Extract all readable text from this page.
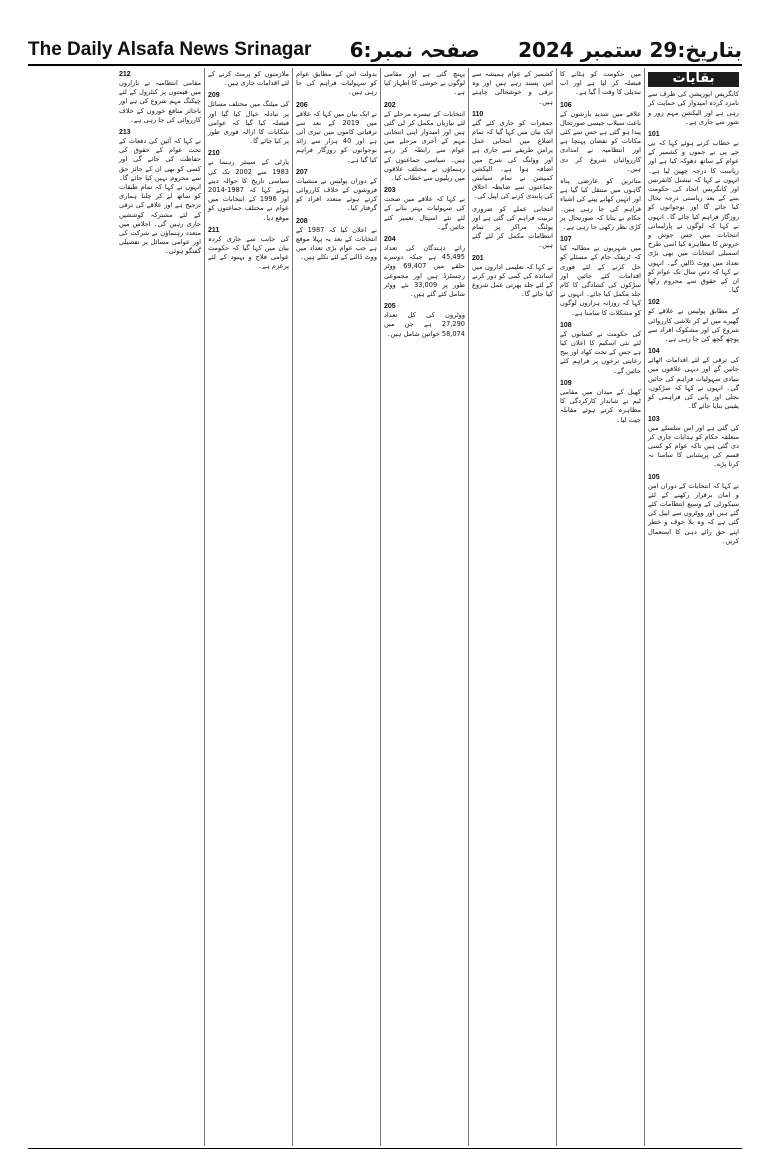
The Daily Alsafa News Srinagar صفحہ نمبر:6 بتاریخ:29 ستمبر 2024
بقایات
کانگریس اپوزیشن کی طرف سے نامزد کردہ امیدوار کی حمایت کر رہی ہے اور الیکشن مہم زور و شور سے جاری ہے۔
101
نے خطاب کرتے ہوئے کہا کہ بی جے پی نے جموں و کشمیر کے عوام کے ساتھ دھوکہ کیا ہے اور ریاست کا درجہ چھین لیا ہے۔ انہوں نے کہا کہ نیشنل کانفرنس اور کانگریس اتحاد کی حکومت بننے کے بعد ریاستی درجہ بحال کیا جائے گا اور نوجوانوں کو روزگار فراہم کیا جائے گا۔ انہوں نے کہا کہ لوگوں نے پارلیمانی انتخابات میں جس جوش و خروش کا مظاہرہ کیا اسی طرح اسمبلی انتخابات میں بھی بڑی تعداد میں ووٹ ڈالیں گے۔ انہوں نے کہا کہ دس سال تک عوام کو ان کے حقوق سے محروم رکھا گیا۔
102
کے مطابق پولیس نے علاقے کو گھیرے میں لے کر تلاشی کارروائی شروع کی اور مشکوک افراد سے پوچھ گچھ کی جا رہی ہے۔
104
کی ترقی کے لئے اقدامات اٹھائے جائیں گے اور دیہی علاقوں میں بنیادی سہولیات فراہم کی جائیں گی۔ انہوں نے کہا کہ سڑکوں، بجلی اور پانی کی فراہمی کو یقینی بنایا جائے گا۔
103
کی گئی ہے اور اس سلسلے میں متعلقہ حکام کو ہدایات جاری کر دی گئی ہیں تاکہ عوام کو کسی قسم کی پریشانی کا سامنا نہ کرنا پڑے۔
105
نے کہا کہ انتخابات کے دوران امن و امان برقرار رکھنے کے لئے سیکورٹی کے وسیع انتظامات کئے گئے ہیں اور ووٹروں سے اپیل کی گئی ہے کہ وہ بلا خوف و خطر اپنے حق رائے دہی کا استعمال کریں۔
میں حکومت کو ہٹانے کا فیصلہ کر لیا ہے اور اب تبدیلی کا وقت آ گیا ہے۔
106
علاقے میں شدید بارشوں کے باعث سیلاب جیسی صورتحال پیدا ہو گئی ہے جس سے کئی مکانات کو نقصان پہنچا ہے اور انتظامیہ نے امدادی کارروائیاں شروع کر دی ہیں۔
متاثرین کو عارضی پناہ گاہوں میں منتقل کیا گیا ہے اور انہیں کھانے پینے کی اشیاء فراہم کی جا رہی ہیں۔ حکام نے بتایا کہ صورتحال پر کڑی نظر رکھی جا رہی ہے۔
107
میں شہریوں نے مطالبہ کیا کہ ٹریفک جام کے مسئلے کو حل کرنے کے لئے فوری اقدامات کئے جائیں اور سڑکوں کی کشادگی کا کام جلد مکمل کیا جائے۔ انہوں نے کہا کہ روزانہ ہزاروں لوگوں کو مشکلات کا سامنا ہے۔
108
کی حکومت نے کسانوں کے لئے نئی اسکیم کا اعلان کیا ہے جس کے تحت کھاد اور بیج رعایتی نرخوں پر فراہم کئے جائیں گے۔
109
کھیل کے میدان میں مقامی ٹیم نے شاندار کارکردگی کا مظاہرہ کرتے ہوئے مقابلہ جیت لیا۔
کشمیر کے عوام ہمیشہ سے امن پسند رہے ہیں اور وہ ترقی و خوشحالی چاہتے ہیں۔
110
جمعرات کو جاری کئے گئے ایک بیان میں کہا گیا کہ تمام اضلاع میں انتخابی عمل پرامن طریقے سے جاری ہے اور ووٹنگ کی شرح میں اضافہ ہوا ہے۔ الیکشن کمیشن نے تمام سیاسی جماعتوں سے ضابطہ اخلاق کی پابندی کرنے کی اپیل کی۔
انتخابی عملے کو ضروری تربیت فراہم کی گئی ہے اور پولنگ مراکز پر تمام انتظامات مکمل کر لئے گئے ہیں۔
201
نے کہا کہ تعلیمی اداروں میں اساتذہ کی کمی کو دور کرنے کے لئے جلد بھرتی عمل شروع کیا جائے گا۔
پہنچ گئی ہے اور مقامی لوگوں نے خوشی کا اظہار کیا ہے۔
202
انتخابات کے تیسرے مرحلے کے لئے تیاریاں مکمل کر لی گئی ہیں اور امیدوار اپنی انتخابی مہم کے آخری مرحلے میں عوام سے رابطہ کر رہے ہیں۔ سیاسی جماعتوں کے رہنماؤں نے مختلف علاقوں میں ریلیوں سے خطاب کیا۔
203
نے کہا کہ علاقے میں صحت کی سہولیات بہتر بنانے کے لئے نئے اسپتال تعمیر کئے جائیں گے۔
204
رائے دہندگان کی تعداد 45,495 ہے جبکہ دوسرے حلقے میں 69,407 ووٹر رجسٹرڈ ہیں اور مجموعی طور پر 33,009 نئے ووٹر شامل کئے گئے ہیں۔
205
ووٹروں کی کل تعداد 27,290 ہے جن میں 58,074 خواتین شامل ہیں۔
بدولت اس کے مطابق عوام کو سہولیات فراہم کی جا رہی ہیں۔
206
نے ایک بیان میں کہا کہ علاقے میں 2019 کے بعد سے ترقیاتی کاموں میں تیزی آئی ہے اور 40 ہزار سے زائد نوجوانوں کو روزگار فراہم کیا گیا ہے۔
207
کے دوران پولیس نے منشیات فروشوں کے خلاف کارروائی کرتے ہوئے متعدد افراد کو گرفتار کیا۔
208
نے اعلان کیا کہ 1987 کے انتخابات کے بعد یہ پہلا موقع ہے جب عوام بڑی تعداد میں ووٹ ڈالنے کے لئے نکلے ہیں۔
ملازمتوں کو پرمٹ کرنے کے لئے اقدامات جاری ہیں۔
209
کی میٹنگ میں مختلف مسائل پر تبادلہ خیال کیا گیا اور فیصلہ کیا گیا کہ عوامی شکایات کا ازالہ فوری طور پر کیا جائے گا۔
210
پارٹی کے سینئر رہنما نے 1983 سے 2002 تک کی سیاسی تاریخ کا حوالہ دیتے ہوئے کہا کہ 1987-2014 اور 1996 کے انتخابات میں عوام نے مختلف جماعتوں کو موقع دیا۔
211
کی جانب سے جاری کردہ بیان میں کہا گیا کہ حکومت عوامی فلاح و بہبود کے لئے پرعزم ہے۔
212
مقامی انتظامیہ نے بازاروں میں قیمتوں پر کنٹرول کے لئے چیکنگ مہم شروع کی ہے اور ناجائز منافع خوروں کے خلاف کارروائی کی جا رہی ہے۔
213
نے کہا کہ آئین کی دفعات کے تحت عوام کے حقوق کی حفاظت کی جائے گی اور کسی کو بھی ان کے جائز حق سے محروم نہیں کیا جائے گا۔ انہوں نے کہا کہ تمام طبقات کو ساتھ لے کر چلنا ہماری ترجیح ہے اور علاقے کی ترقی کے لئے مشترکہ کوششیں جاری رہیں گی۔ اجلاس میں متعدد رہنماؤں نے شرکت کی اور عوامی مسائل پر تفصیلی گفتگو ہوئی۔
